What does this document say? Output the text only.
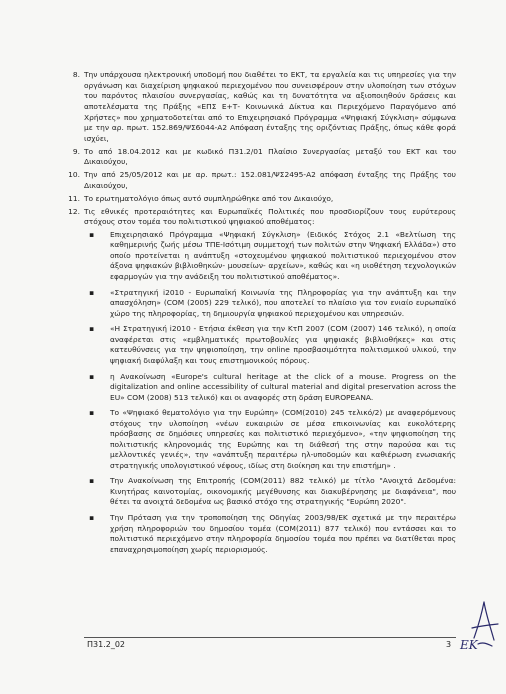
8. Την υπάρχουσα ηλεκτρονική υποδομή που διαθέτει το ΕΚΤ, τα εργαλεία και τις υπηρεσίες για την οργάνωση και διαχείριση ψηφιακού περιεχομένου που συνεισφέρουν στην υλοποίηση των στόχων του παρόντος πλαισίου συνεργασίας, καθώς και τη δυνατότητα να αξιοποιηθούν δράσεις και αποτελέσματα της Πράξης «ΕΠΣ Ε+Τ- Κοινωνικά Δίκτυα και Περιεχόμενο Παραγόμενο από Χρήστες» που χρηματοδοτείται από το Επιχειρησιακό Πρόγραμμα «Ψηφιακή Σύγκλιση» σύμφωνα με την αρ. πρωτ. 152.869/ΨΣ6044-Α2 Απόφαση ένταξης της οριζόντιας Πράξης, όπως κάθε φορά ισχύει,
9. Το από 18.04.2012 και με κωδικό Π31.2/01 Πλαίσιο Συνεργασίας μεταξύ του ΕΚΤ και του Δικαιούχου,
10. Την από 25/05/2012 και με αρ. πρωτ.: 152.081/ΨΣ2495-Α2 απόφαση ένταξης της Πράξης του Δικαιούχου,
11. Το ερωτηματολόγιο όπως αυτό συμπληρώθηκε από τον Δικαιούχο,
12. Τις εθνικές προτεραιότητες και Ευρωπαϊκές Πολιτικές που προσδιορίζουν τους ευρύτερους στόχους στον τομέα του πολιτιστικού ψηφιακού αποθέματος:
▪ Επιχειρησιακό Πρόγραμμα «Ψηφιακή Σύγκλιση» (Ειδικός Στόχος 2.1 «Βελτίωση της καθημερινής ζωής μέσω ΤΠΕ-Ισότιμη συμμετοχή των πολιτών στην Ψηφιακή Ελλάδα») στο οποίο προτείνεται η ανάπτυξη «στοχευμένου ψηφιακού πολιτιστικού περιεχομένου στον άξονα ψηφιακών βιβλιοθηκών- μουσείων- αρχείων», καθώς και «η υιοθέτηση τεχνολογικών εφαρμογών για την ανάδειξη του πολιτιστικού αποθέματος».
▪ «Στρατηγική i2010 - Ευρωπαϊκή Κοινωνία της Πληροφορίας για την ανάπτυξη και την απασχόληση» (COM (2005) 229 τελικό), που αποτελεί το πλαίσιο για τον ενιαίο ευρωπαϊκό χώρο της πληροφορίας, τη δημιουργία ψηφιακού περιεχομένου και υπηρεσιών.
▪ «Η Στρατηγική i2010 - Ετήσια έκθεση για την ΚτΠ 2007 (COM (2007) 146 τελικό), η οποία αναφέρεται στις «εμβληματικές πρωτοβουλίες για ψηφιακές βιβλιοθήκες» και στις κατευθύνσεις για την ψηφιοποίηση, την online προσβασιμότητα πολιτισμικού υλικού, την ψηφιακή διαφύλαξη και τους επιστημονικούς πόρους.
▪ η Ανακοίνωση «Europe's cultural heritage at the click of a mouse. Progress on the digitalization and online accessibility of cultural material and digital preservation across the EU» COM (2008) 513 τελικό) και οι αναφορές στη δράση EUROPEANA.
▪ Το «Ψηφιακό θεματολόγιο για την Ευρώπη» (COM(2010) 245 τελικό/2) με αναφερόμενους στόχους την υλοποίηση «νέων ευκαιριών σε μέσα επικοινωνίας και ευκολότερης πρόσβασης σε δημόσιες υπηρεσίες και πολιτιστικό περιεχόμενο», «την ψηφιοποίηση της πολιτιστικής κληρονομιάς της Ευρώπης και τη διάθεσή της στην παρούσα και τις μελλοντικές γενιές», την «ανάπτυξη περαιτέρω ηλ-υποδομών και καθιέρωση ενωσιακής στρατηγικής υπολογιστικού νέφους, ιδίως στη διοίκηση και την επιστήμη» .
▪ Την Ανακοίνωση της Επιτροπής (COM(2011) 882 τελικό) με τίτλο "Ανοιχτά Δεδομένα: Κινητήρας καινοτομίας, οικονομικής μεγέθυνσης και διακυβέρνησης με διαφάνεια", που θέτει τα ανοιχτά δεδομένα ως βασικό στόχο της στρατηγικής "Ευρώπη 2020".
▪ Την Πρόταση για την τροποποίηση της Οδηγίας 2003/98/ΕΚ σχετικά με την περαιτέρω χρήση πληροφοριών του δημοσίου τομέα (COM(2011) 877 τελικό) που εντάσσει και το πολιτιστικό περιεχόμενο στην πληροφορία δημοσίου τομέα που πρέπει να διατίθεται προς επαναχρησιμοποίηση χωρίς περιορισμούς.
Π31.2_02	3 ΕΚ
